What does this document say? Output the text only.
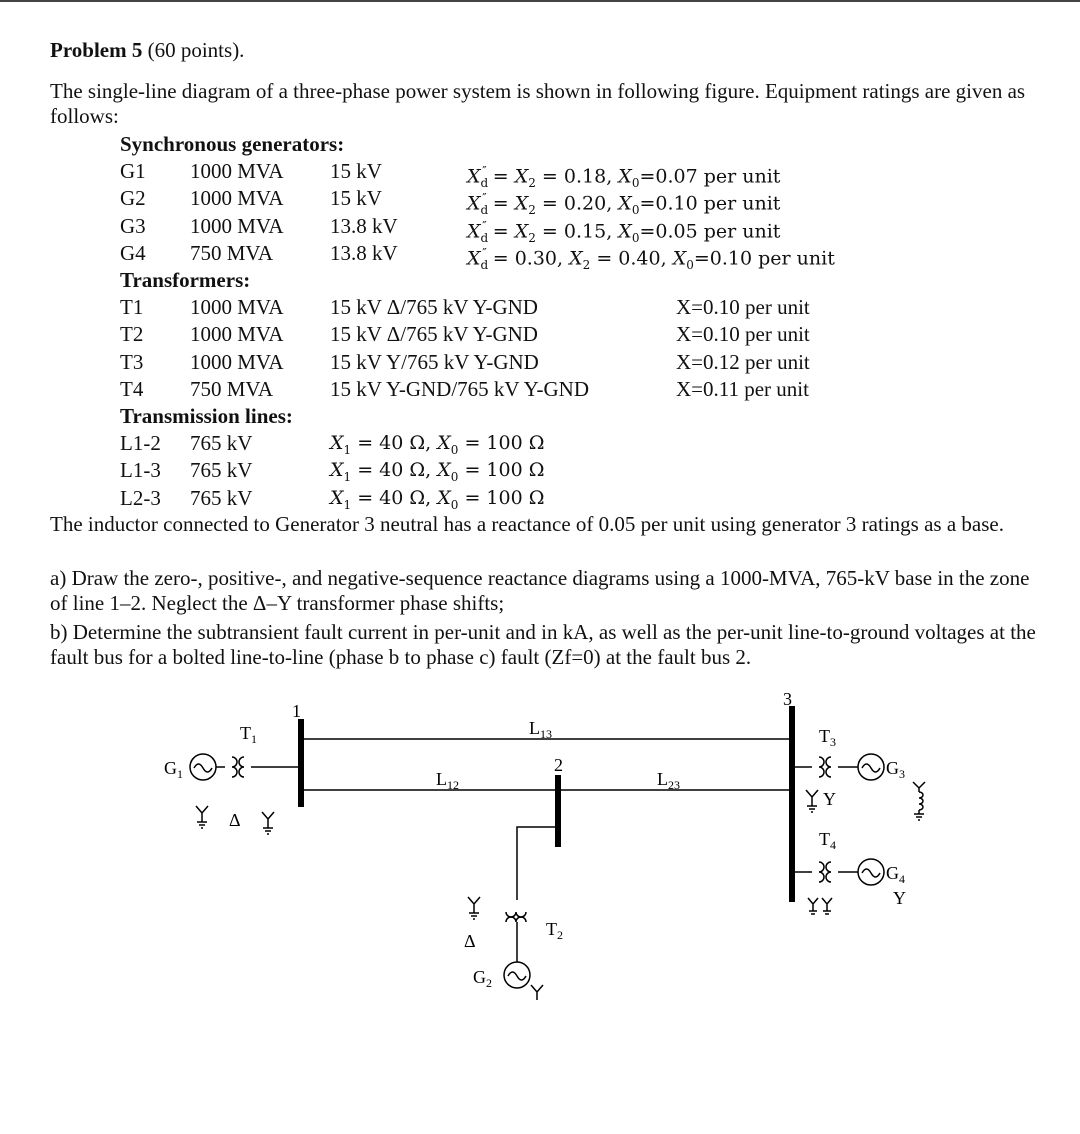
Problem 5 (60 points).
The single-line diagram of a three-phase power system is shown in following figure. Equipment ratings are given as follows:
Synchronous generators:
G1 1000 MVA 15 kV	$X_d'' = X_2 = 0.18$, $X_0=0.07$ per unit
G2 1000 MVA 15 kV	$X_d'' = X_2 = 0.20$, $X_0=0.10$ per unit
G3 1000 MVA 13.8 kV	$X_d'' = X_2 = 0.15$, $X_0=0.05$ per unit
G4 750 MVA	13.8 kV	$X_d'' = 0.30$, $X_2 = 0.40$, $X_0=0.10$ per unit
Transformers:
T1 1000 MVA 15 kV Δ/765 kV Y-GND	X=0.10 per unit
T2 1000 MVA 15 kV Δ/765 kV Y-GND	X=0.10 per unit
T3 1000 MVA 15 kV Y/765 kV Y-GND	X=0.12 per unit
T4 750 MVA	15 kV Y-GND/765 kV Y-GND	X=0.11 per unit
Transmission lines:
L1-2 765 kV	$X_1 = 40$ Ω, $X_0 = 100$ Ω
L1-3 765 kV	$X_1 = 40$ Ω, $X_0 = 100$ Ω
L2-3 765 kV	$X_1 = 40$ Ω, $X_0 = 100$ Ω
The inductor connected to Generator 3 neutral has a reactance of 0.05 per unit using generator 3 ratings as a base.
a) Draw the zero-, positive-, and negative-sequence reactance diagrams using a 1000-MVA, 765-kV base in the zone of line 1–2. Neglect the Δ–Y transformer phase shifts;
b) Determine the subtransient fault current in per-unit and in kA, as well as the per-unit line-to-ground voltages at the fault bus for a bolted line-to-line (phase b to phase c) fault (Zf=0) at the fault bus 2.
1
2
3
$T_1$
$G_1$
Δ
$L_{13}$
$L_{12}$	$L_{23}$
$T_2$
Δ
$G_2$
$T_3$
$G_3$
Y
$T_4$
$G_4$
Y
